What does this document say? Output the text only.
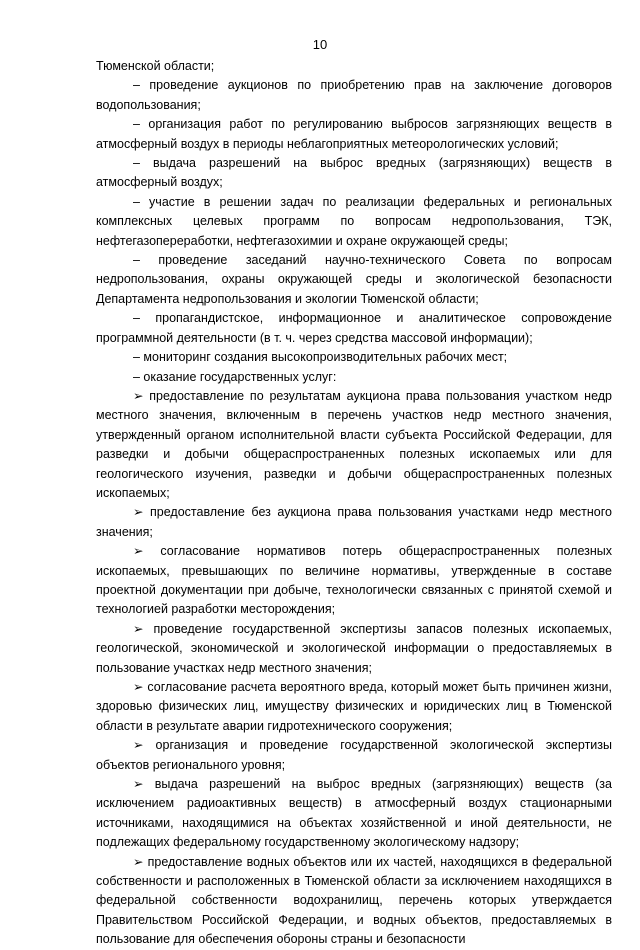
10

Тюменской области;

– проведение аукционов по приобретению прав на заключение договоров водопользования;

– организация работ по регулированию выбросов загрязняющих веществ в атмосферный воздух в периоды неблагоприятных метеорологических условий;

– выдача разрешений на выброс вредных (загрязняющих) веществ в атмосферный воздух;

– участие в решении задач по реализации федеральных и региональных комплексных целевых программ по вопросам недропользования, ТЭК, нефтегазопереработки, нефтегазохимии и охране окружающей среды;

– проведение заседаний научно-технического Совета по вопросам недропользования, охраны окружающей среды и экологической безопасности Департамента недропользования и экологии Тюменской области;

– пропагандистское, информационное и аналитическое сопровождение программной деятельности (в т. ч. через средства массовой информации);

– мониторинг создания высокопроизводительных рабочих мест;

– оказание государственных услуг:

➢ предоставление по результатам аукциона права пользования участком недр местного значения, включенным в перечень участков недр местного значения, утвержденный органом исполнительной власти субъекта Российской Федерации, для разведки и добычи общераспространенных полезных ископаемых или для геологического изучения, разведки и добычи общераспространенных полезных ископаемых;

➢ предоставление без аукциона права пользования участками недр местного значения;

➢ согласование нормативов потерь общераспространенных полезных ископаемых, превышающих по величине нормативы, утвержденные в составе проектной документации при добыче, технологически связанных с принятой схемой и технологией разработки месторождения;

➢ проведение государственной экспертизы запасов полезных ископаемых, геологической, экономической и экологической информации о предоставляемых в пользование участках недр местного значения;

➢ согласование расчета вероятного вреда, который может быть причинен жизни, здоровью физических лиц, имуществу физических и юридических лиц в Тюменской области в результате аварии гидротехнического сооружения;

➢ организация и проведение государственной экологической экспертизы объектов регионального уровня;

➢ выдача разрешений на выброс вредных (загрязняющих) веществ (за исключением радиоактивных веществ) в атмосферный воздух стационарными источниками, находящимися на объектах хозяйственной и иной деятельности, не подлежащих федеральному государственному экологическому надзору;

➢ предоставление водных объектов или их частей, находящихся в федеральной собственности и расположенных в Тюменской области за исключением находящихся в федеральной собственности водохранилищ, перечень которых утверждается Правительством Российской Федерации, и водных объектов, предоставляемых в пользование для обеспечения обороны страны и безопасности
